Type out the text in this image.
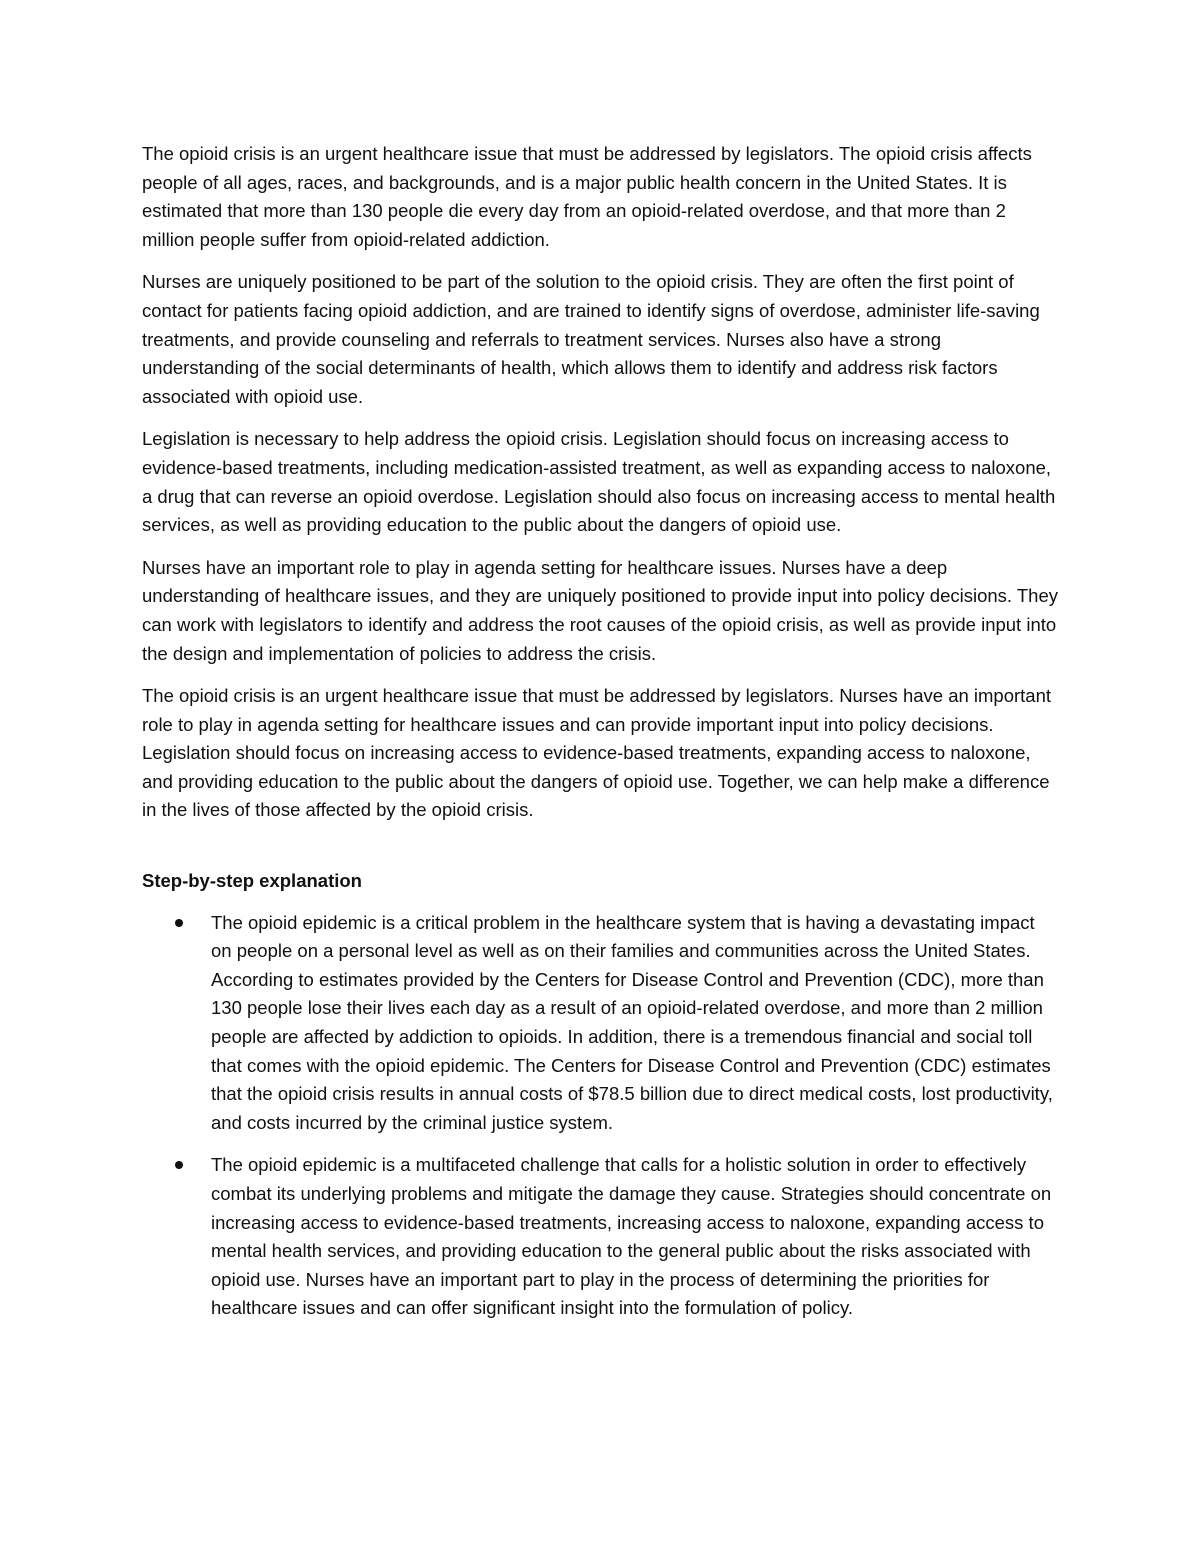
The opioid crisis is an urgent healthcare issue that must be addressed by legislators. The opioid crisis affects people of all ages, races, and backgrounds, and is a major public health concern in the United States. It is estimated that more than 130 people die every day from an opioid-related overdose, and that more than 2 million people suffer from opioid-related addiction.

Nurses are uniquely positioned to be part of the solution to the opioid crisis. They are often the first point of contact for patients facing opioid addiction, and are trained to identify signs of overdose, administer life-saving treatments, and provide counseling and referrals to treatment services. Nurses also have a strong understanding of the social determinants of health, which allows them to identify and address risk factors associated with opioid use.

Legislation is necessary to help address the opioid crisis. Legislation should focus on increasing access to evidence-based treatments, including medication-assisted treatment, as well as expanding access to naloxone, a drug that can reverse an opioid overdose. Legislation should also focus on increasing access to mental health services, as well as providing education to the public about the dangers of opioid use.

Nurses have an important role to play in agenda setting for healthcare issues. Nurses have a deep understanding of healthcare issues, and they are uniquely positioned to provide input into policy decisions. They can work with legislators to identify and address the root causes of the opioid crisis, as well as provide input into the design and implementation of policies to address the crisis.

The opioid crisis is an urgent healthcare issue that must be addressed by legislators. Nurses have an important role to play in agenda setting for healthcare issues and can provide important input into policy decisions. Legislation should focus on increasing access to evidence-based treatments, expanding access to naloxone, and providing education to the public about the dangers of opioid use. Together, we can help make a difference in the lives of those affected by the opioid crisis.

Step-by-step explanation

The opioid epidemic is a critical problem in the healthcare system that is having a devastating impact on people on a personal level as well as on their families and communities across the United States. According to estimates provided by the Centers for Disease Control and Prevention (CDC), more than 130 people lose their lives each day as a result of an opioid-related overdose, and more than 2 million people are affected by addiction to opioids. In addition, there is a tremendous financial and social toll that comes with the opioid epidemic. The Centers for Disease Control and Prevention (CDC) estimates that the opioid crisis results in annual costs of $78.5 billion due to direct medical costs, lost productivity, and costs incurred by the criminal justice system.
The opioid epidemic is a multifaceted challenge that calls for a holistic solution in order to effectively combat its underlying problems and mitigate the damage they cause. Strategies should concentrate on increasing access to evidence-based treatments, increasing access to naloxone, expanding access to mental health services, and providing education to the general public about the risks associated with opioid use. Nurses have an important part to play in the process of determining the priorities for healthcare issues and can offer significant insight into the formulation of policy.
